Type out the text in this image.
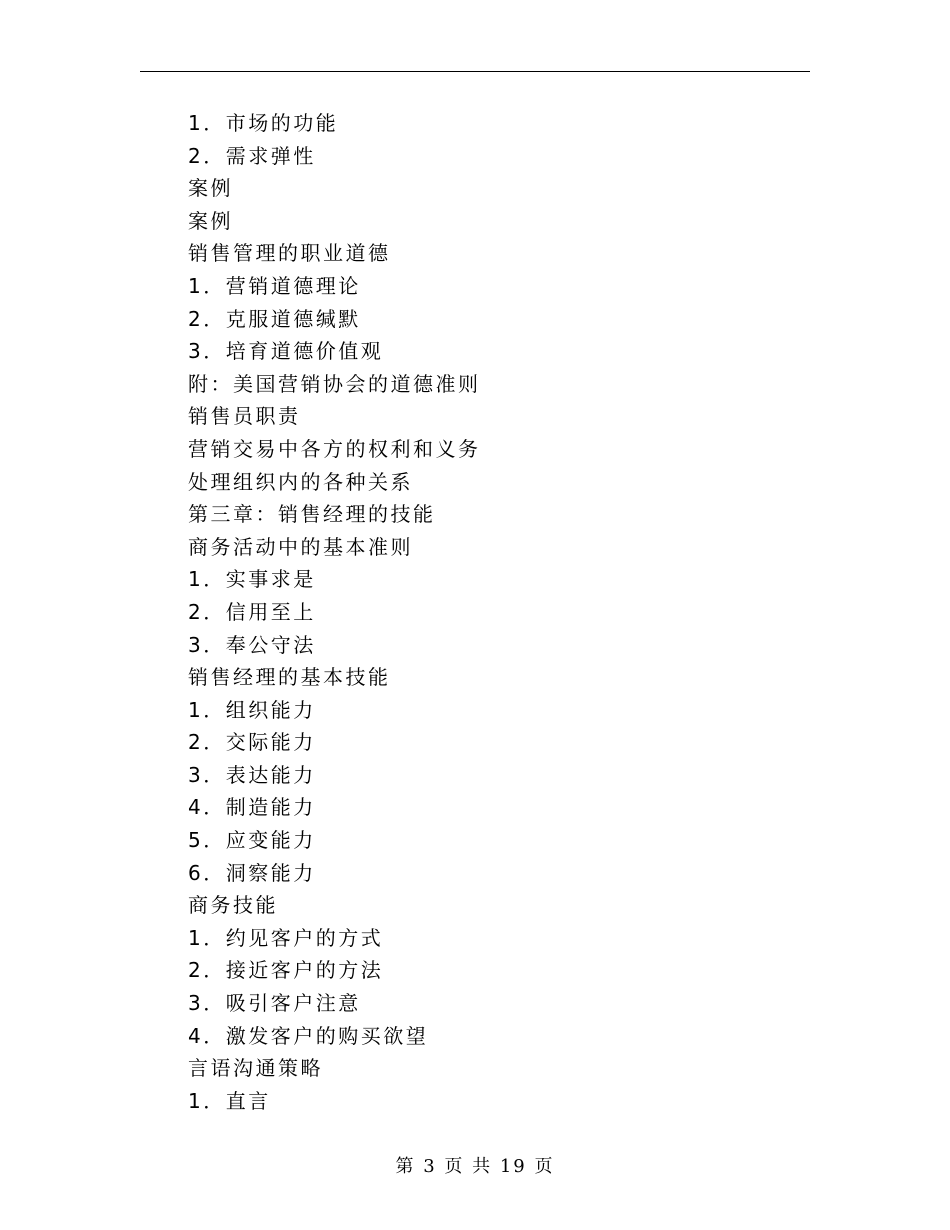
1．市场的功能
2．需求弹性
案例
案例
销售管理的职业道德
1．营销道德理论
2．克服道德缄默
3．培育道德价值观
附：美国营销协会的道德准则
销售员职责
营销交易中各方的权利和义务
处理组织内的各种关系
第三章：销售经理的技能
商务活动中的基本准则
1．实事求是
2．信用至上
3．奉公守法
销售经理的基本技能
1．组织能力
2．交际能力
3．表达能力
4．制造能力
5．应变能力
6．洞察能力
商务技能
1．约见客户的方式
2．接近客户的方法
3．吸引客户注意
4．激发客户的购买欲望
言语沟通策略
1．直言
第 3 页 共 19 页
